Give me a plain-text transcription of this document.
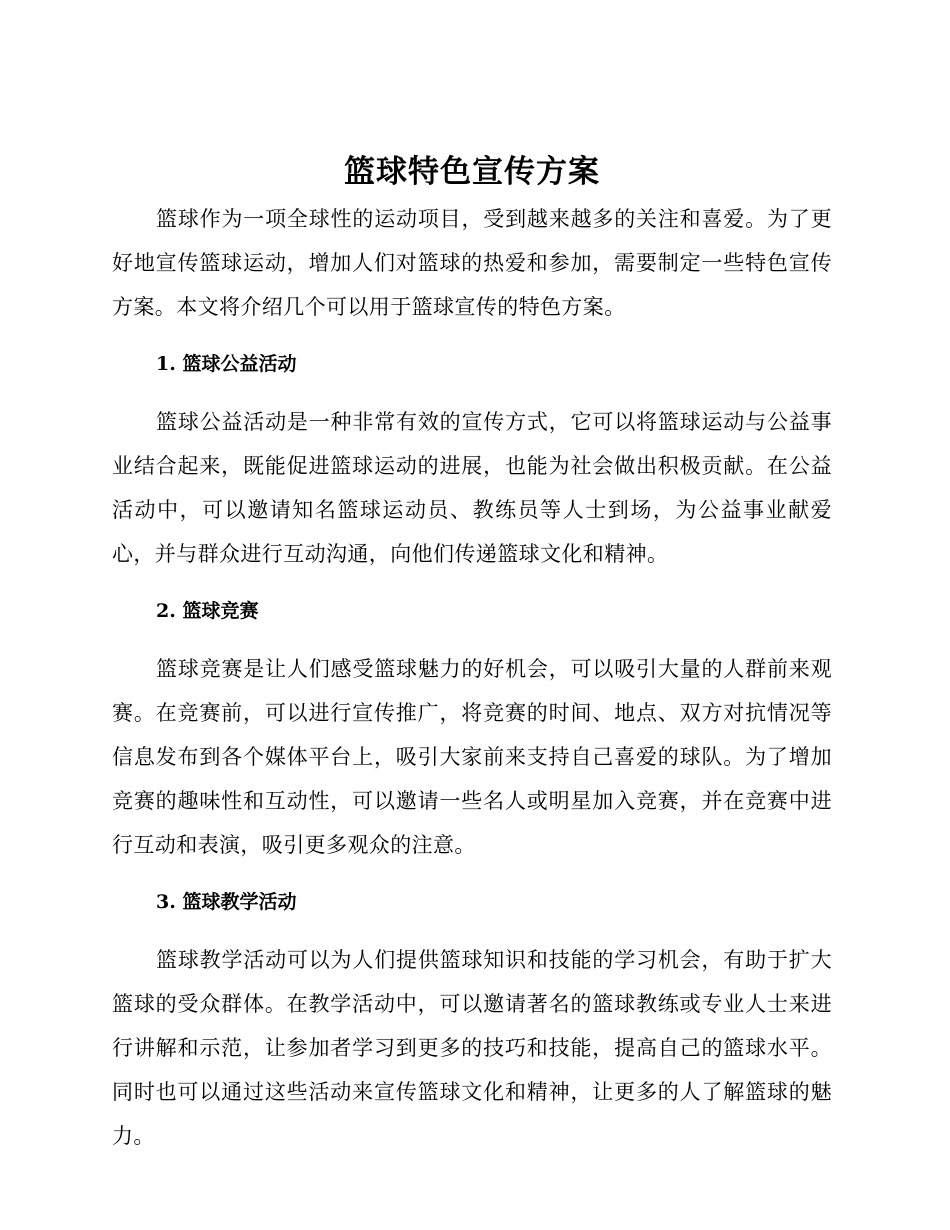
篮球特色宣传方案

篮球作为一项全球性的运动项目，受到越来越多的关注和喜爱。为了更好地宣传篮球运动，增加人们对篮球的热爱和参加，需要制定一些特色宣传方案。本文将介绍几个可以用于篮球宣传的特色方案。

1. 篮球公益活动

篮球公益活动是一种非常有效的宣传方式，它可以将篮球运动与公益事业结合起来，既能促进篮球运动的进展，也能为社会做出积极贡献。在公益活动中，可以邀请知名篮球运动员、教练员等人士到场，为公益事业献爱心，并与群众进行互动沟通，向他们传递篮球文化和精神。

2. 篮球竞赛

篮球竞赛是让人们感受篮球魅力的好机会，可以吸引大量的人群前来观赛。在竞赛前，可以进行宣传推广，将竞赛的时间、地点、双方对抗情况等信息发布到各个媒体平台上，吸引大家前来支持自己喜爱的球队。为了增加竞赛的趣味性和互动性，可以邀请一些名人或明星加入竞赛，并在竞赛中进行互动和表演，吸引更多观众的注意。

3. 篮球教学活动

篮球教学活动可以为人们提供篮球知识和技能的学习机会，有助于扩大篮球的受众群体。在教学活动中，可以邀请著名的篮球教练或专业人士来进行讲解和示范，让参加者学习到更多的技巧和技能，提高自己的篮球水平。同时也可以通过这些活动来宣传篮球文化和精神，让更多的人了解篮球的魅力。
